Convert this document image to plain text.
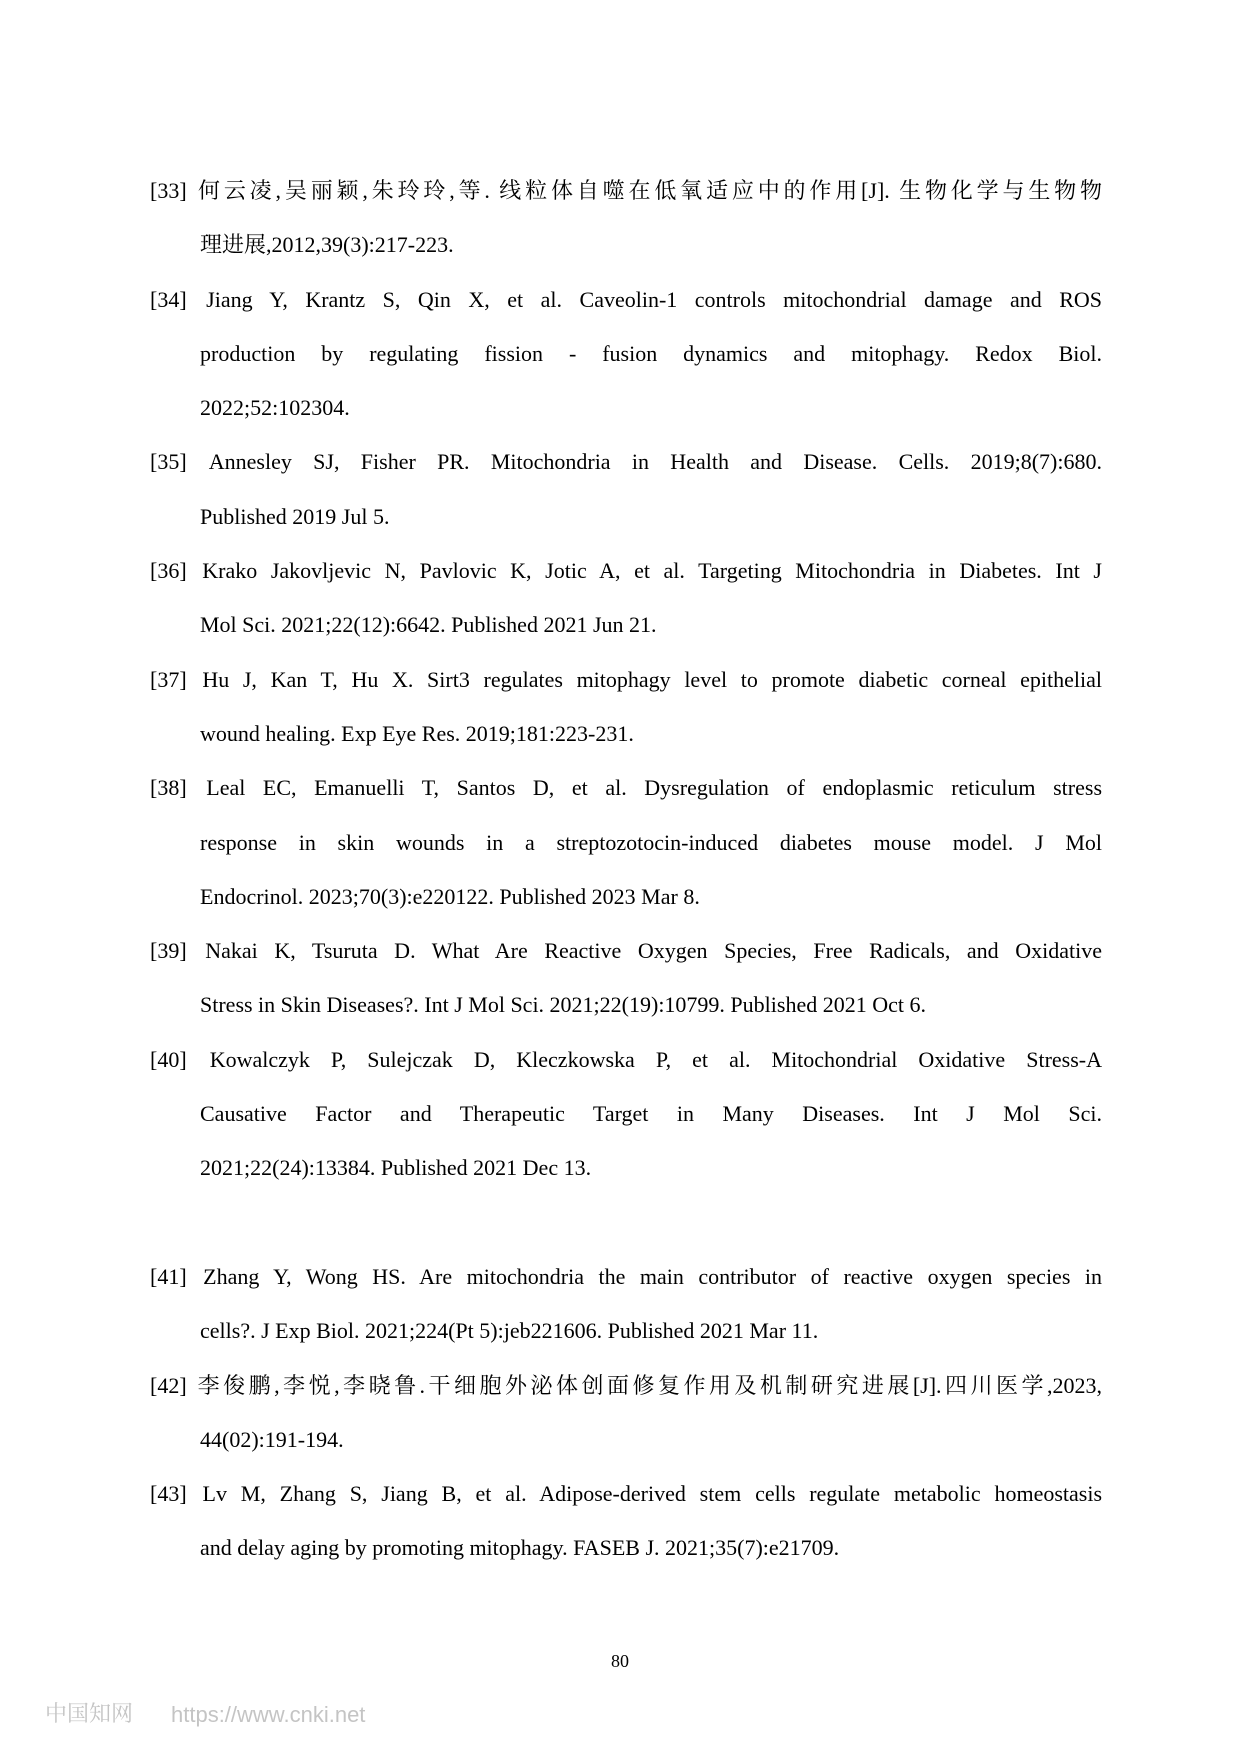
[33] 何云凌,吴丽颖,朱玲玲,等. 线粒体自噬在低氧适应中的作用[J]. 生物化学与生物物
理进展,2012,39(3):217-223.
[34] Jiang Y, Krantz S, Qin X, et al. Caveolin-1 controls mitochondrial damage and ROS
production by regulating fission - fusion dynamics and mitophagy. Redox Biol.
2022;52:102304.
[35] Annesley SJ, Fisher PR. Mitochondria in Health and Disease. Cells. 2019;8(7):680.
Published 2019 Jul 5.
[36] Krako Jakovljevic N, Pavlovic K, Jotic A, et al. Targeting Mitochondria in Diabetes. Int J
Mol Sci. 2021;22(12):6642. Published 2021 Jun 21.
[37] Hu J, Kan T, Hu X. Sirt3 regulates mitophagy level to promote diabetic corneal epithelial
wound healing. Exp Eye Res. 2019;181:223-231.
[38] Leal EC, Emanuelli T, Santos D, et al. Dysregulation of endoplasmic reticulum stress
response in skin wounds in a streptozotocin-induced diabetes mouse model. J Mol
Endocrinol. 2023;70(3):e220122. Published 2023 Mar 8.
[39] Nakai K, Tsuruta D. What Are Reactive Oxygen Species, Free Radicals, and Oxidative
Stress in Skin Diseases?. Int J Mol Sci. 2021;22(19):10799. Published 2021 Oct 6.
[40] Kowalczyk P, Sulejczak D, Kleczkowska P, et al. Mitochondrial Oxidative Stress-A
Causative Factor and Therapeutic Target in Many Diseases. Int J Mol Sci.
2021;22(24):13384. Published 2021 Dec 13.
[41] Zhang Y, Wong HS. Are mitochondria the main contributor of reactive oxygen species in
cells?. J Exp Biol. 2021;224(Pt 5):jeb221606. Published 2021 Mar 11.
[42] 李俊鹏,李悦,李晓鲁.干细胞外泌体创面修复作用及机制研究进展[J].四川医学,2023,
44(02):191-194.
[43] Lv M, Zhang S, Jiang B, et al. Adipose-derived stem cells regulate metabolic homeostasis
and delay aging by promoting mitophagy. FASEB J. 2021;35(7):e21709.
80
中国知网 https://www.cnki.net
